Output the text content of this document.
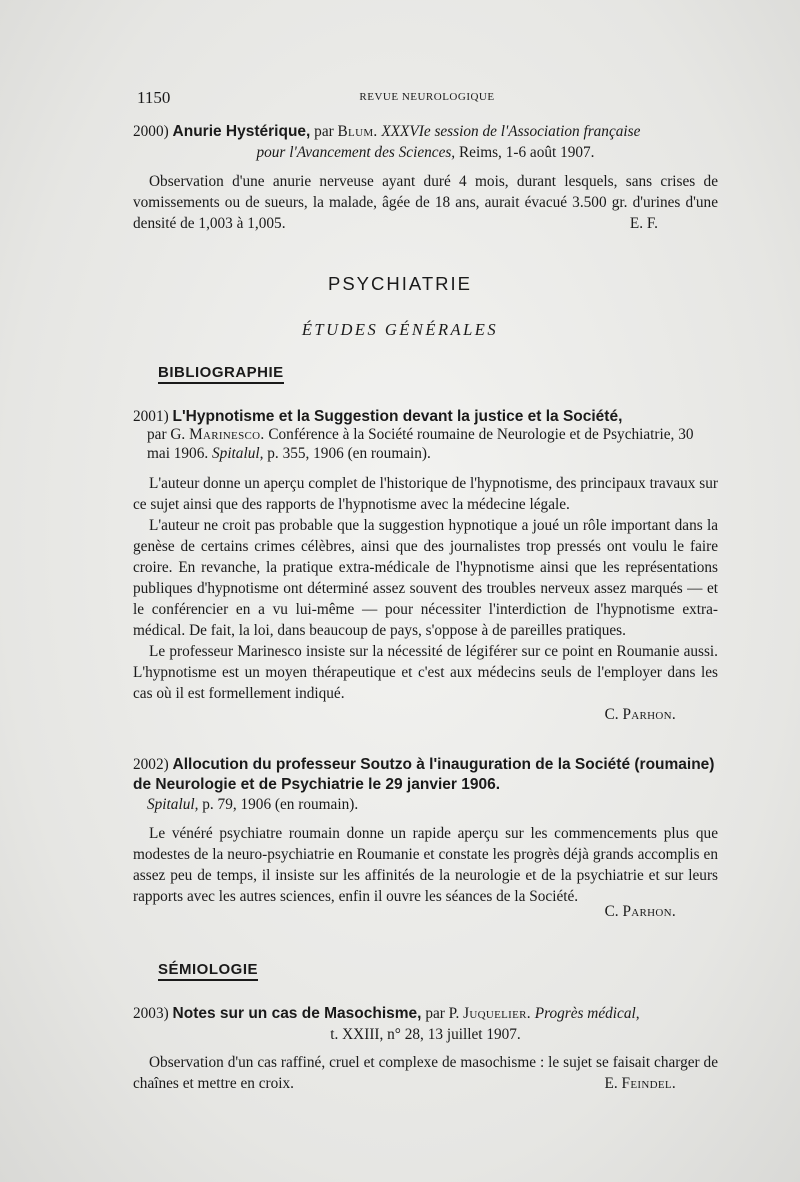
1150	REVUE NEUROLOGIQUE
2000) Anurie Hystérique, par Blum. XXXVIe session de l'Association française
pour l'Avancement des Sciences, Reims, 1-6 août 1907.

Observation d'une anurie nerveuse ayant duré 4 mois, durant lesquels, sans crises de vomissements ou de sueurs, la malade, âgée de 18 ans, aurait évacué 3.500 gr. d'urines d'une densité de 1,003 à 1,005.	E. F.
PSYCHIATRIE
ÉTUDES GÉNÉRALES
BIBLIOGRAPHIE
2001) L'Hypnotisme et la Suggestion devant la justice et la Société,
par G. Marinesco. Conférence à la Société roumaine de Neurologie et de Psychiatrie, 30 mai 1906. Spitalul, p. 355, 1906 (en roumain).

L'auteur donne un aperçu complet de l'historique de l'hypnotisme, des principaux travaux sur ce sujet ainsi que des rapports de l'hypnotisme avec la médecine légale.

L'auteur ne croit pas probable que la suggestion hypnotique a joué un rôle important dans la genèse de certains crimes célèbres, ainsi que des journalistes trop pressés ont voulu le faire croire. En revanche, la pratique extra-médicale de l'hypnotisme ainsi que les représentations publiques d'hypnotisme ont déterminé assez souvent des troubles nerveux assez marqués — et le conférencier en a vu lui-même — pour nécessiter l'interdiction de l'hypnotisme extra-médical. De fait, la loi, dans beaucoup de pays, s'oppose à de pareilles pratiques.

Le professeur Marinesco insiste sur la nécessité de légiférer sur ce point en Roumanie aussi. L'hypnotisme est un moyen thérapeutique et c'est aux médecins seuls de l'employer dans les cas où il est formellement indiqué.

C. Parhon.
2002) Allocution du professeur Soutzo à l'inauguration de la Société (roumaine) de Neurologie et de Psychiatrie le 29 janvier 1906.
Spitalul, p. 79, 1906 (en roumain).

Le vénéré psychiatre roumain donne un rapide aperçu sur les commencements plus que modestes de la neuro-psychiatrie en Roumanie et constate les progrès déjà grands accomplis en assez peu de temps, il insiste sur les affinités de la neurologie et de la psychiatrie et sur leurs rapports avec les autres sciences, enfin il ouvre les séances de la Société.

C. Parhon.
SÉMIOLOGIE
2003) Notes sur un cas de Masochisme, par P. Juquelier. Progrès médical,
t. XXIII, n° 28, 13 juillet 1907.

Observation d'un cas raffiné, cruel et complexe de masochisme : le sujet se faisait charger de chaînes et mettre en croix.	E. Feindel.
